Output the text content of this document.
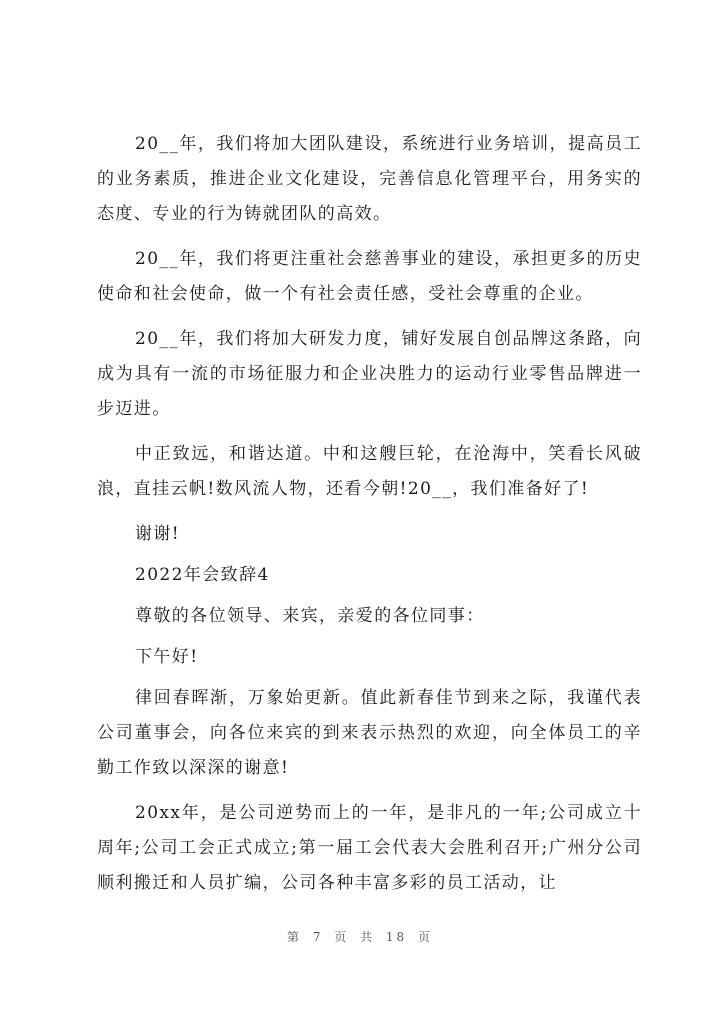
20__年，我们将加大团队建设，系统进行业务培训，提高员工的业务素质，推进企业文化建设，完善信息化管理平台，用务实的态度、专业的行为铸就团队的高效。

20__年，我们将更注重社会慈善事业的建设，承担更多的历史使命和社会使命，做一个有社会责任感，受社会尊重的企业。

20__年，我们将加大研发力度，铺好发展自创品牌这条路，向成为具有一流的市场征服力和企业决胜力的运动行业零售品牌进一步迈进。

中正致远，和谐达道。中和这艘巨轮，在沧海中，笑看长风破浪，直挂云帆!数风流人物，还看今朝!20__，我们准备好了!

谢谢!

2022年会致辞4

尊敬的各位领导、来宾，亲爱的各位同事：

下午好!

律回春晖渐，万象始更新。值此新春佳节到来之际，我谨代表公司董事会，向各位来宾的到来表示热烈的欢迎，向全体员工的辛勤工作致以深深的谢意!

20xx年，是公司逆势而上的一年，是非凡的一年;公司成立十周年;公司工会正式成立;第一届工会代表大会胜利召开;广州分公司顺利搬迁和人员扩编，公司各种丰富多彩的员工活动，让

第 7 页 共 18 页
